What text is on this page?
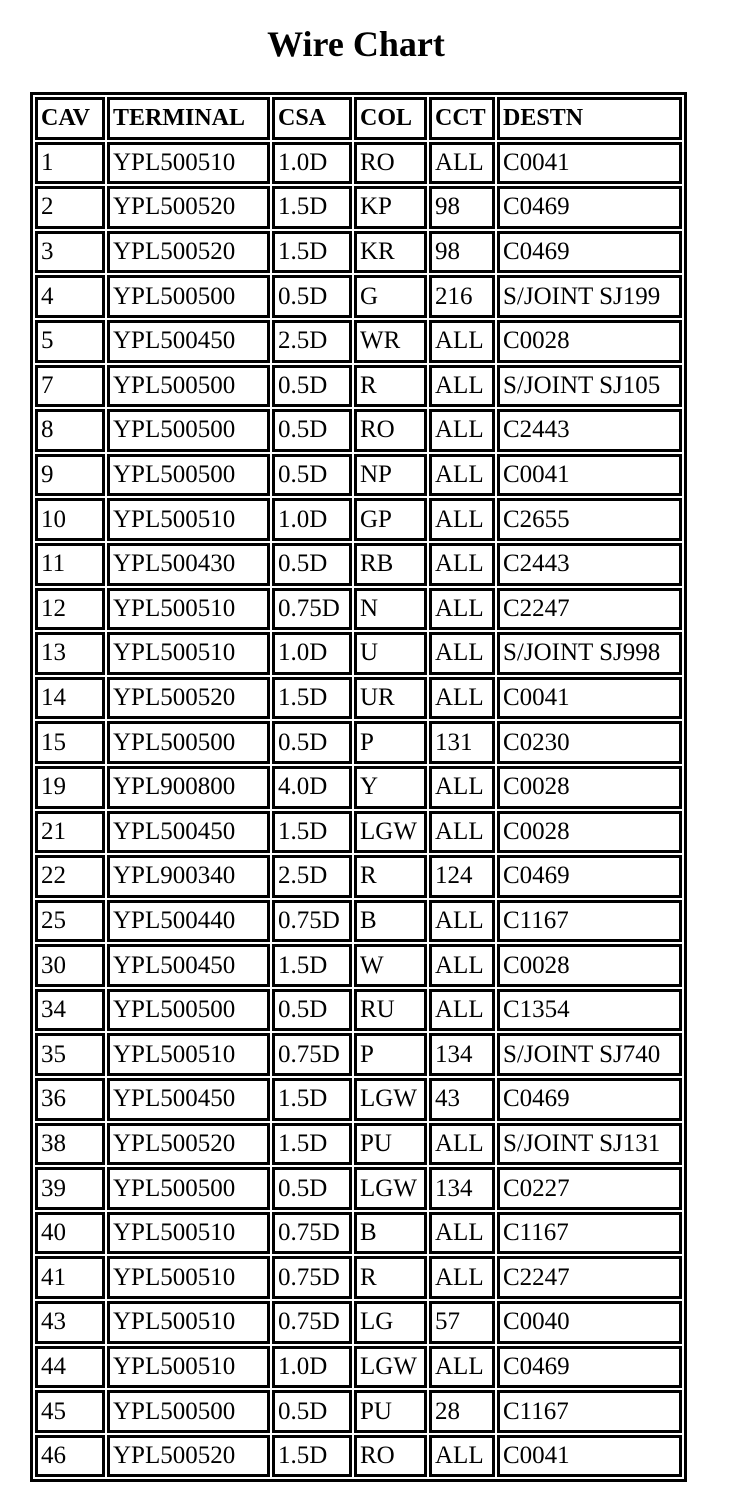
Wire Chart
CAV	TERMINAL	CSA	COL	CCT	DESTN
1	YPL500510	1.0D	RO	ALL	C0041
2	YPL500520	1.5D	KP	98	C0469
3	YPL500520	1.5D	KR	98	C0469
4	YPL500500	0.5D	G	216	S/JOINT SJ199
5	YPL500450	2.5D	WR	ALL	C0028
7	YPL500500	0.5D	R	ALL	S/JOINT SJ105
8	YPL500500	0.5D	RO	ALL	C2443
9	YPL500500	0.5D	NP	ALL	C0041
10	YPL500510	1.0D	GP	ALL	C2655
11	YPL500430	0.5D	RB	ALL	C2443
12	YPL500510	0.75D	N	ALL	C2247
13	YPL500510	1.0D	U	ALL	S/JOINT SJ998
14	YPL500520	1.5D	UR	ALL	C0041
15	YPL500500	0.5D	P	131	C0230
19	YPL900800	4.0D	Y	ALL	C0028
21	YPL500450	1.5D	LGW	ALL	C0028
22	YPL900340	2.5D	R	124	C0469
25	YPL500440	0.75D	B	ALL	C1167
30	YPL500450	1.5D	W	ALL	C0028
34	YPL500500	0.5D	RU	ALL	C1354
35	YPL500510	0.75D	P	134	S/JOINT SJ740
36	YPL500450	1.5D	LGW	43	C0469
38	YPL500520	1.5D	PU	ALL	S/JOINT SJ131
39	YPL500500	0.5D	LGW	134	C0227
40	YPL500510	0.75D	B	ALL	C1167
41	YPL500510	0.75D	R	ALL	C2247
43	YPL500510	0.75D	LG	57	C0040
44	YPL500510	1.0D	LGW	ALL	C0469
45	YPL500500	0.5D	PU	28	C1167
46	YPL500520	1.5D	RO	ALL	C0041
